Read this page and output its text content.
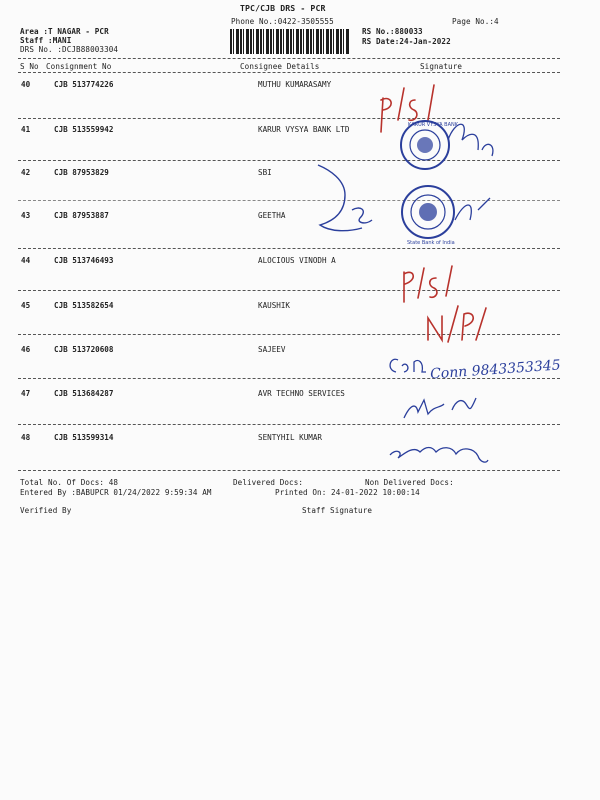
TPC/CJB DRS - PCR
Phone No.:0422-3505555	Page No.:4
Area :T NAGAR - PCR
Staff :MANI
DRS No. :DCJB88003304
RS No.:880033
RS Date:24-Jan-2022
S No Consignment No	Consignee Details	Signature
40	CJB 513774226	MUTHU KUMARASAMY
41	CJB 513559942	KARUR VYSYA BANK LTD
42	CJB 87953829	SBI
43	CJB 87953887	GEETHA
44	CJB 513746493	ALOCIOUS VINODH A
45	CJB 513582654	KAUSHIK
46	CJB 513720608	SAJEEV
47	CJB 513684287	AVR TECHNO SERVICES
48	CJB 513599314	SENTYHIL KUMAR
Total No. Of Docs: 48	Delivered Docs:	Non Delivered Docs:
Entered By :BABUPCR 01/24/2022 9:59:34 AM	Printed On: 24-01-2022 10:00:14
Verified By	Staff Signature
KARUR VYSYA BANK
State Bank of India
Conn 9843353345
